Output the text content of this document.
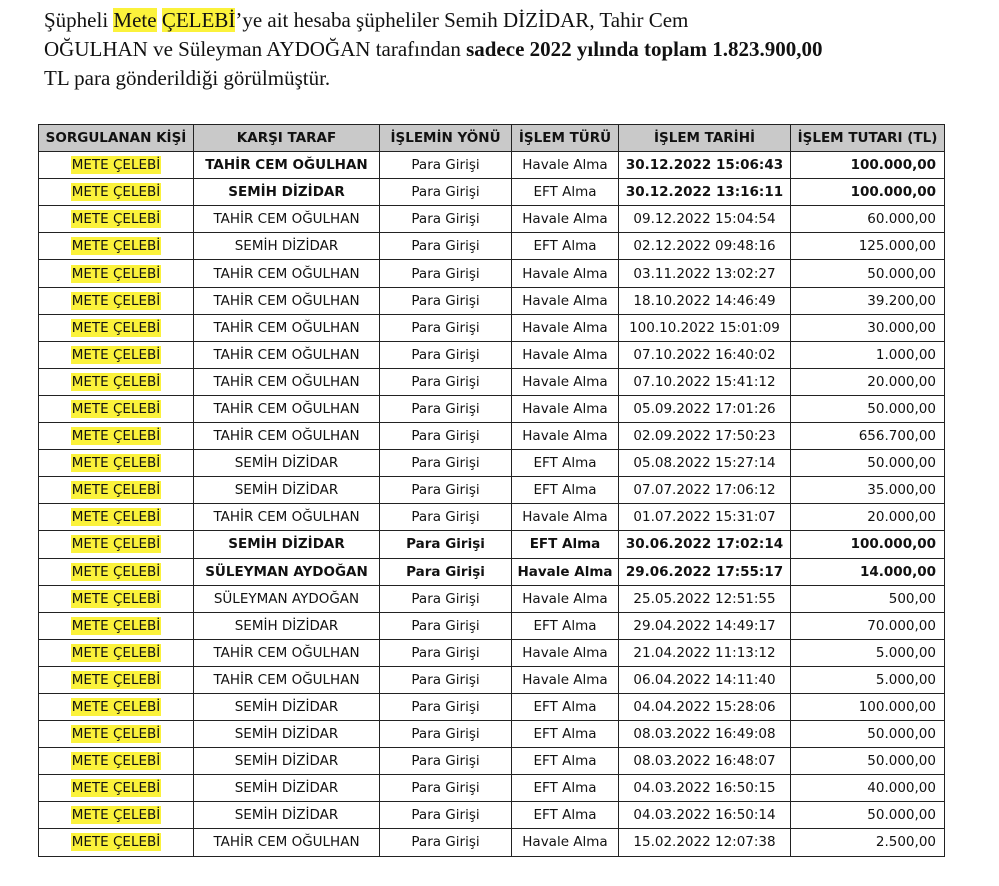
Şüpheli Mete ÇELEBİ’ye ait hesaba şüpheliler Semih DİZİDAR, Tahir Cem
OĞULHAN ve Süleyman AYDOĞAN tarafından sadece 2022 yılında toplam 1.823.900,00
TL para gönderildiği görülmüştür.
SORGULANAN KİŞİ	KARŞI TARAF	İŞLEMİN YÖNÜ	İŞLEM TÜRÜ	İŞLEM TARİHİ	İŞLEM TUTARI (TL)
METE ÇELEBİ	TAHİR CEM OĞULHAN	Para Girişi	Havale Alma	30.12.2022 15:06:43	100.000,00
METE ÇELEBİ	SEMİH DİZİDAR	Para Girişi	EFT Alma	30.12.2022 13:16:11	100.000,00
METE ÇELEBİ	TAHİR CEM OĞULHAN	Para Girişi	Havale Alma	09.12.2022 15:04:54	60.000,00
METE ÇELEBİ	SEMİH DİZİDAR	Para Girişi	EFT Alma	02.12.2022 09:48:16	125.000,00
METE ÇELEBİ	TAHİR CEM OĞULHAN	Para Girişi	Havale Alma	03.11.2022 13:02:27	50.000,00
METE ÇELEBİ	TAHİR CEM OĞULHAN	Para Girişi	Havale Alma	18.10.2022 14:46:49	39.200,00
METE ÇELEBİ	TAHİR CEM OĞULHAN	Para Girişi	Havale Alma	100.10.2022 15:01:09	30.000,00
METE ÇELEBİ	TAHİR CEM OĞULHAN	Para Girişi	Havale Alma	07.10.2022 16:40:02	1.000,00
METE ÇELEBİ	TAHİR CEM OĞULHAN	Para Girişi	Havale Alma	07.10.2022 15:41:12	20.000,00
METE ÇELEBİ	TAHİR CEM OĞULHAN	Para Girişi	Havale Alma	05.09.2022 17:01:26	50.000,00
METE ÇELEBİ	TAHİR CEM OĞULHAN	Para Girişi	Havale Alma	02.09.2022 17:50:23	656.700,00
METE ÇELEBİ	SEMİH DİZİDAR	Para Girişi	EFT Alma	05.08.2022 15:27:14	50.000,00
METE ÇELEBİ	SEMİH DİZİDAR	Para Girişi	EFT Alma	07.07.2022 17:06:12	35.000,00
METE ÇELEBİ	TAHİR CEM OĞULHAN	Para Girişi	Havale Alma	01.07.2022 15:31:07	20.000,00
METE ÇELEBİ	SEMİH DİZİDAR	Para Girişi	EFT Alma	30.06.2022 17:02:14	100.000,00
METE ÇELEBİ	SÜLEYMAN AYDOĞAN	Para Girişi	Havale Alma	29.06.2022 17:55:17	14.000,00
METE ÇELEBİ	SÜLEYMAN AYDOĞAN	Para Girişi	Havale Alma	25.05.2022 12:51:55	500,00
METE ÇELEBİ	SEMİH DİZİDAR	Para Girişi	EFT Alma	29.04.2022 14:49:17	70.000,00
METE ÇELEBİ	TAHİR CEM OĞULHAN	Para Girişi	Havale Alma	21.04.2022 11:13:12	5.000,00
METE ÇELEBİ	TAHİR CEM OĞULHAN	Para Girişi	Havale Alma	06.04.2022 14:11:40	5.000,00
METE ÇELEBİ	SEMİH DİZİDAR	Para Girişi	EFT Alma	04.04.2022 15:28:06	100.000,00
METE ÇELEBİ	SEMİH DİZİDAR	Para Girişi	EFT Alma	08.03.2022 16:49:08	50.000,00
METE ÇELEBİ	SEMİH DİZİDAR	Para Girişi	EFT Alma	08.03.2022 16:48:07	50.000,00
METE ÇELEBİ	SEMİH DİZİDAR	Para Girişi	EFT Alma	04.03.2022 16:50:15	40.000,00
METE ÇELEBİ	SEMİH DİZİDAR	Para Girişi	EFT Alma	04.03.2022 16:50:14	50.000,00
METE ÇELEBİ	TAHİR CEM OĞULHAN	Para Girişi	Havale Alma	15.02.2022 12:07:38	2.500,00
